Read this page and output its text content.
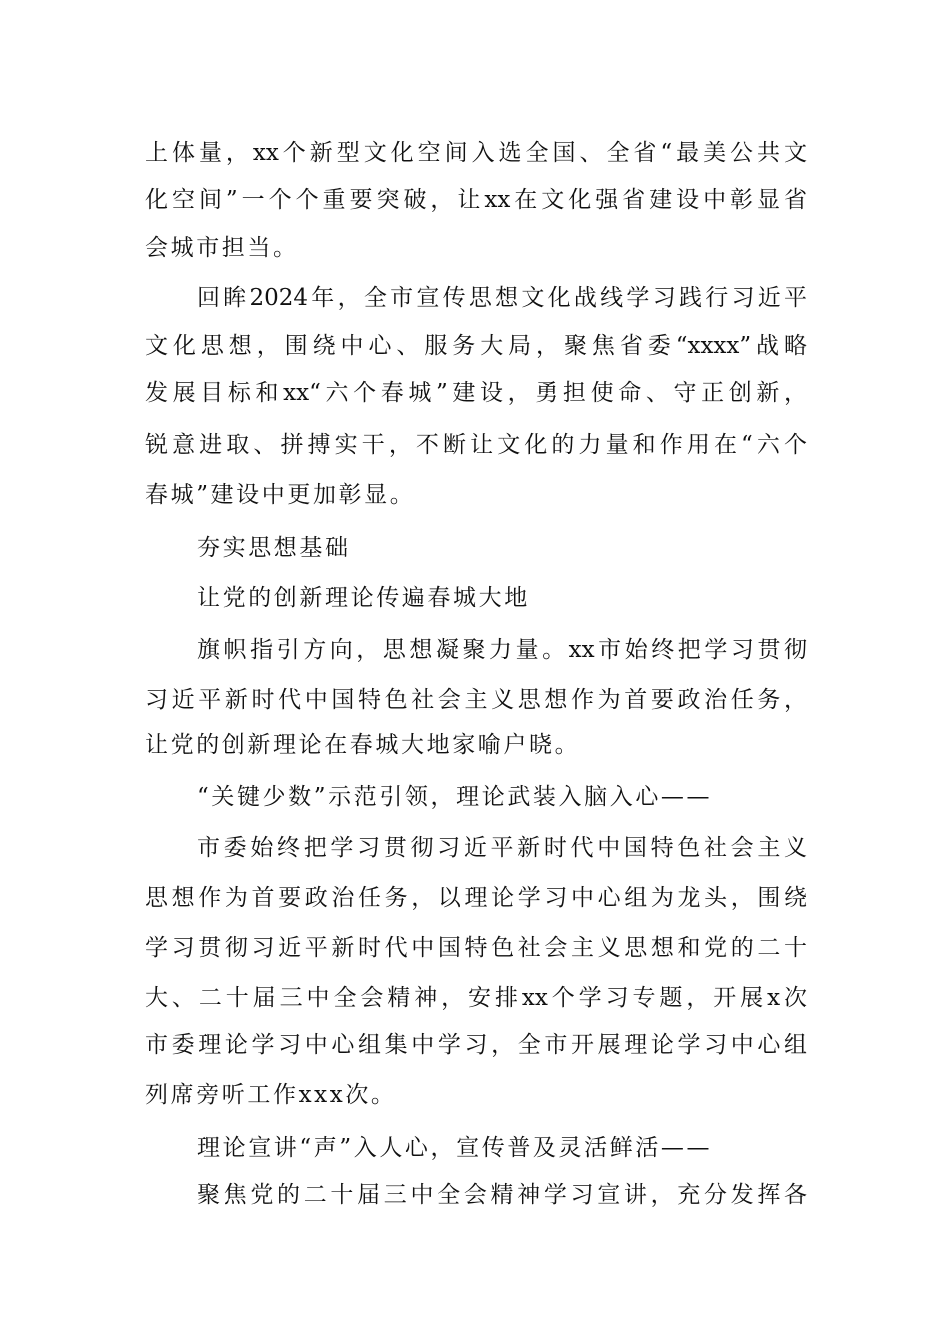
上体量，xx个新型文化空间入选全国、全省“最美公共文
化空间”一个个重要突破，让xx在文化强省建设中彰显省
会城市担当。
回眸2024年，全市宣传思想文化战线学习践行习近平
文化思想，围绕中心、服务大局，聚焦省委“xxxx”战略
发展目标和xx“六个春城”建设，勇担使命、守正创新，
锐意进取、拼搏实干，不断让文化的力量和作用在“六个
春城”建设中更加彰显。
夯实思想基础
让党的创新理论传遍春城大地
旗帜指引方向，思想凝聚力量。xx市始终把学习贯彻
习近平新时代中国特色社会主义思想作为首要政治任务，
让党的创新理论在春城大地家喻户晓。
“关键少数”示范引领，理论武装入脑入心——
市委始终把学习贯彻习近平新时代中国特色社会主义
思想作为首要政治任务，以理论学习中心组为龙头，围绕
学习贯彻习近平新时代中国特色社会主义思想和党的二十
大、二十届三中全会精神，安排xx个学习专题，开展x次
市委理论学习中心组集中学习，全市开展理论学习中心组
列席旁听工作xxx次。
理论宣讲“声”入人心，宣传普及灵活鲜活——
聚焦党的二十届三中全会精神学习宣讲，充分发挥各
